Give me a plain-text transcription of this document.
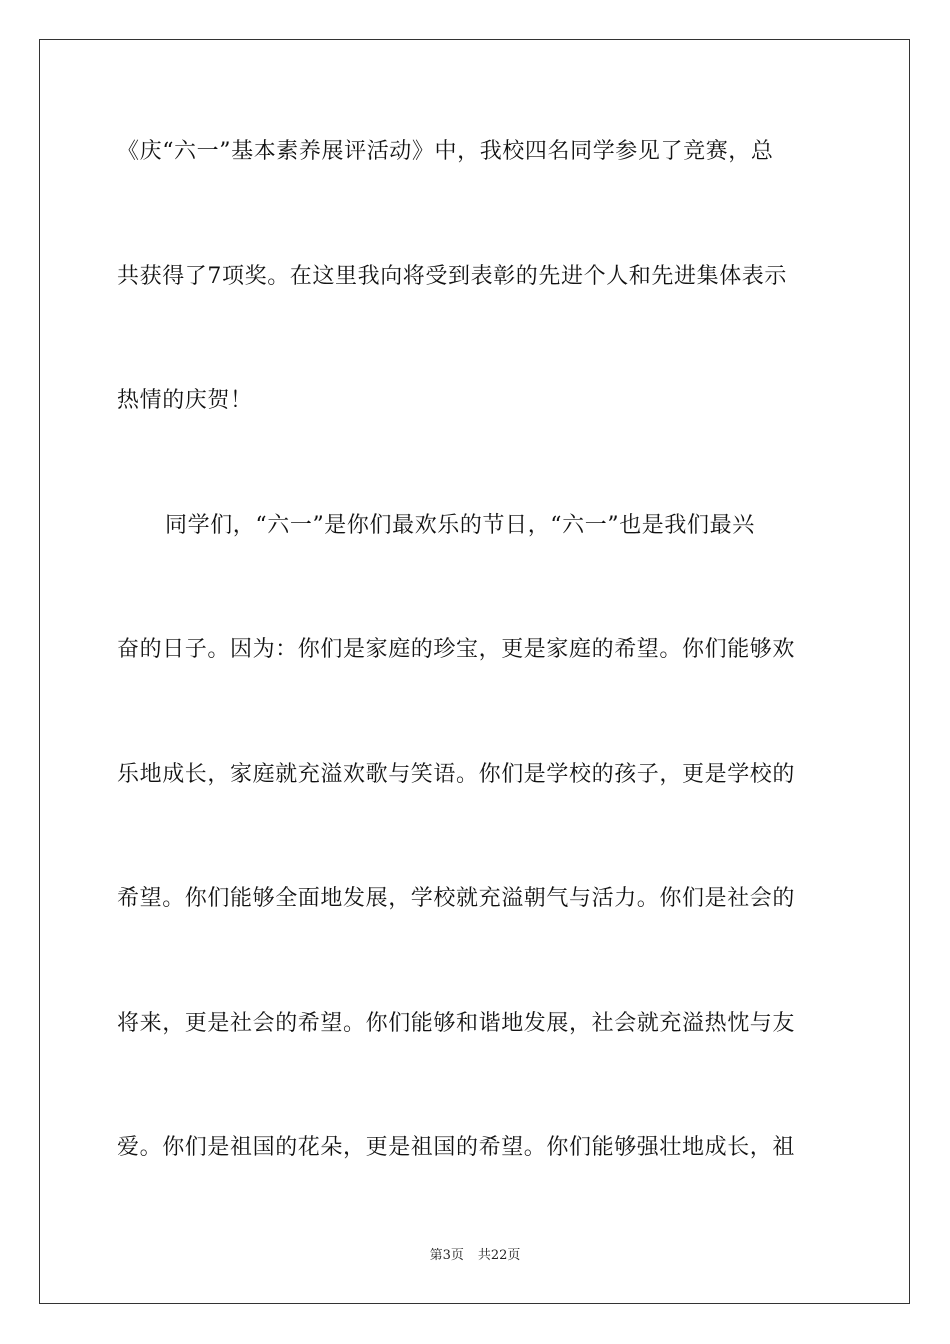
《庆“六一”基本素养展评活动》中，我校四名同学参见了竞赛，总
共获得了7项奖。在这里我向将受到表彰的先进个人和先进集体表示
热情的庆贺！
同学们，“六一”是你们最欢乐的节日，“六一”也是我们最兴
奋的日子。因为：你们是家庭的珍宝，更是家庭的希望。你们能够欢
乐地成长，家庭就充溢欢歌与笑语。你们是学校的孩子，更是学校的
希望。你们能够全面地发展，学校就充溢朝气与活力。你们是社会的
将来，更是社会的希望。你们能够和谐地发展，社会就充溢热忱与友
爱。你们是祖国的花朵，更是祖国的希望。你们能够强壮地成长，祖
第3页 共22页
